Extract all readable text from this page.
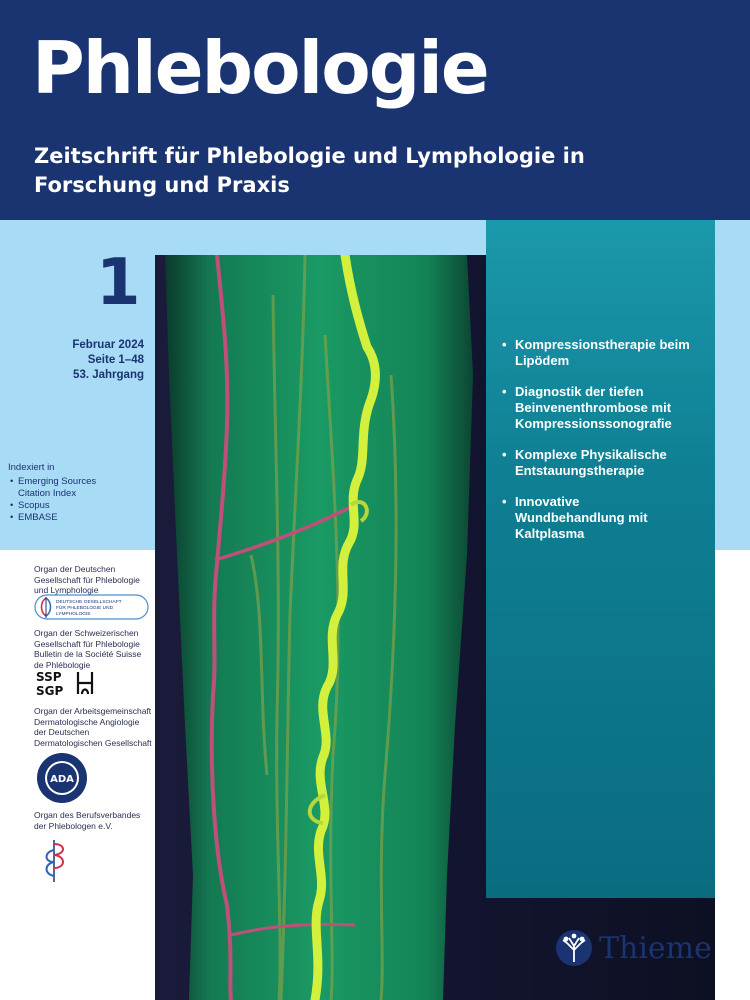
Phlebologie
Zeitschrift für Phlebologie und Lymphologie in Forschung und Praxis
1
Februar 2024
Seite 1–48
53. Jahrgang
Indexiert in
• Emerging Sources Citation Index
• Scopus
• EMBASE
Organ der Deutschen Gesellschaft für Phlebologie und Lymphologie
DEUTSCHE GESELLSCHAFT
FÜR PHLEBOLOGIE UND
LYMPHOLOGIE
Organ der Schweizerischen Gesellschaft für Phlebologie Bulletin de la Société Suisse de Phlébologie
SSP
SGP
Organ der Arbeitsgemeinschaft Dermatologische Angiologie der Deutschen Dermatologischen Gesellschaft
ADA
Organ des Berufsverbandes der Phlebologen e.V.
• Kompressionstherapie beim Lipödem
• Diagnostik der tiefen Beinvenenthrombose mit Kompressionssonografie
• Komplexe Physikalische Entstauungstherapie
• Innovative Wundbehandlung mit Kaltplasma
Thieme
